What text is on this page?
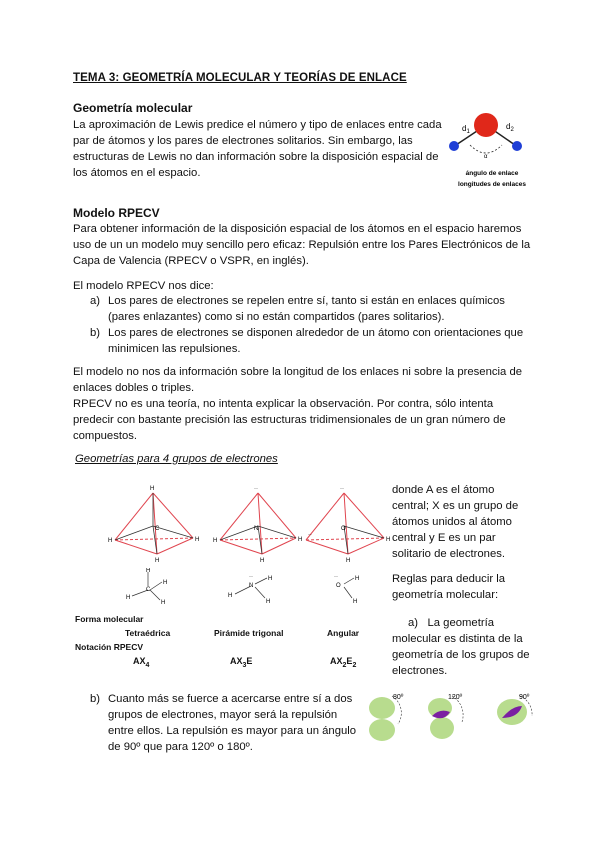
TEMA 3: GEOMETRÍA MOLECULAR Y TEORÍAS DE ENLACE
Geometría molecular
La aproximación de Lewis predice el número y tipo de enlaces entre cada
par de átomos y los pares de electrones solitarios. Sin embargo, las
estructuras de Lewis no dan información sobre la disposición espacial de
los átomos en el espacio.
$d_1$
$d_2$
α
ángulo de enlace
longitudes de enlaces
Modelo RPECV
Para obtener información de la disposición espacial de los átomos en el espacio haremos
uso de un un modelo muy sencillo pero eficaz: Repulsión entre los Pares Electrónicos de la
Capa de Valencia (RPECV o VSPR, en inglés).
El modelo RPECV nos dice:
a) Los pares de electrones se repelen entre sí, tanto si están en enlaces químicos
(pares enlazantes) como si no están compartidos (pares solitarios).
b) Los pares de electrones se disponen alrededor de un átomo con orientaciones que
minimicen las repulsiones.
El modelo no nos da información sobre la longitud de los enlaces ni sobre la presencia de
enlaces dobles o triples.
RPECV no es una teoría, no intenta explicar la observación. Por contra, sólo intenta
predecir con bastante precisión las estructuras tridimensionales de un gran número de
compuestos.
Geometrías para 4 grupos de electrones
H
H	H
H
C
··
H	H
H
N
··
··
H
H
O
H
C
H
H
H
··
N
H
H
H
··
O
H
H
Forma molecular
Tetraédrica	Pirámide trigonal	Angular
Notación RPECV
$AX_4$	$AX_3E$	$AX_2E_2$
donde A es el átomo
central; X es un grupo de
átomos unidos al átomo
central y E es un par
solitario de electrones.
Reglas para deducir la
geometría molecular:
a) La geometría
molecular es distinta de la
geometría de los grupos de
electrones.
b) Cuanto más se fuerce a acercarse entre sí a dos
grupos de electrones, mayor será la repulsión
entre ellos. La repulsión es mayor para un ángulo
de 90º que para 120º o 180º.
80º	120º	90º
